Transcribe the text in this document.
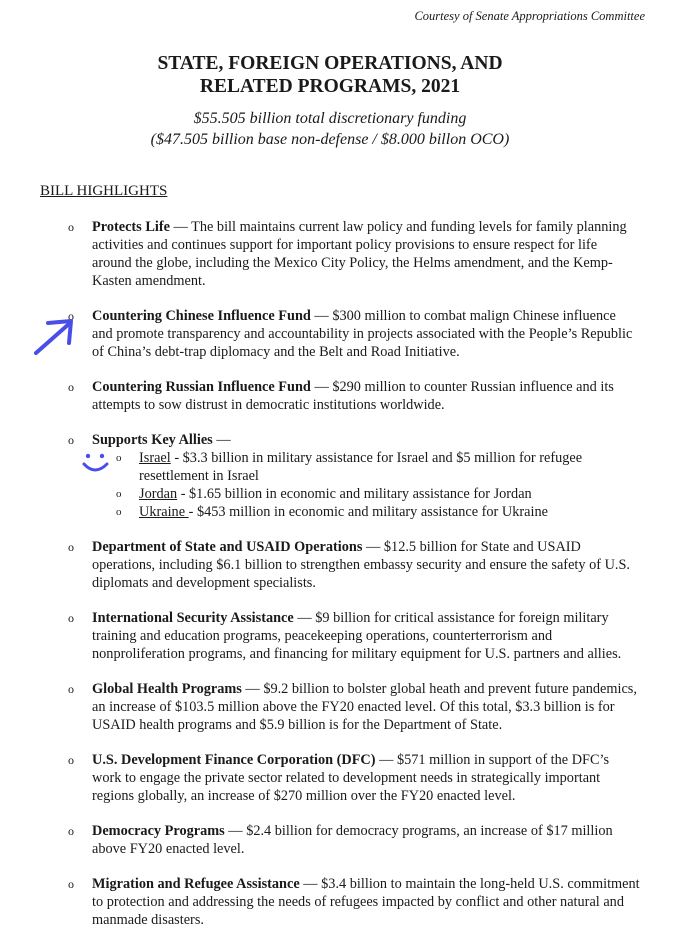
Courtesy of Senate Appropriations Committee
STATE, FOREIGN OPERATIONS, AND
RELATED PROGRAMS, 2021
$55.505 billion total discretionary funding
($47.505 billion base non-defense / $8.000 billon OCO)
BILL HIGHLIGHTS
o Protects Life — The bill maintains current law policy and funding levels for family planning activities and continues support for important policy provisions to ensure respect for life around the globe, including the Mexico City Policy, the Helms amendment, and the Kemp-Kasten amendment.
o Countering Chinese Influence Fund — $300 million to combat malign Chinese influence and promote transparency and accountability in projects associated with the People’s Republic of China’s debt-trap diplomacy and the Belt and Road Initiative.
o Countering Russian Influence Fund — $290 million to counter Russian influence and its attempts to sow distrust in democratic institutions worldwide.
o Supports Key Allies —
o Israel - $3.3 billion in military assistance for Israel and $5 million for refugee resettlement in Israel
o Jordan - $1.65 billion in economic and military assistance for Jordan
o Ukraine - $453 million in economic and military assistance for Ukraine
o Department of State and USAID Operations — $12.5 billion for State and USAID operations, including $6.1 billion to strengthen embassy security and ensure the safety of U.S. diplomats and development specialists.
o International Security Assistance — $9 billion for critical assistance for foreign military training and education programs, peacekeeping operations, counterterrorism and nonproliferation programs, and financing for military equipment for U.S. partners and allies.
o Global Health Programs — $9.2 billion to bolster global heath and prevent future pandemics, an increase of $103.5 million above the FY20 enacted level. Of this total, $3.3 billion is for USAID health programs and $5.9 billion is for the Department of State.
o U.S. Development Finance Corporation (DFC) — $571 million in support of the DFC’s work to engage the private sector related to development needs in strategically important regions globally, an increase of $270 million over the FY20 enacted level.
o Democracy Programs — $2.4 billion for democracy programs, an increase of $17 million above FY20 enacted level.
o Migration and Refugee Assistance — $3.4 billion to maintain the long-held U.S. commitment to protection and addressing the needs of refugees impacted by conflict and other natural and manmade disasters.
